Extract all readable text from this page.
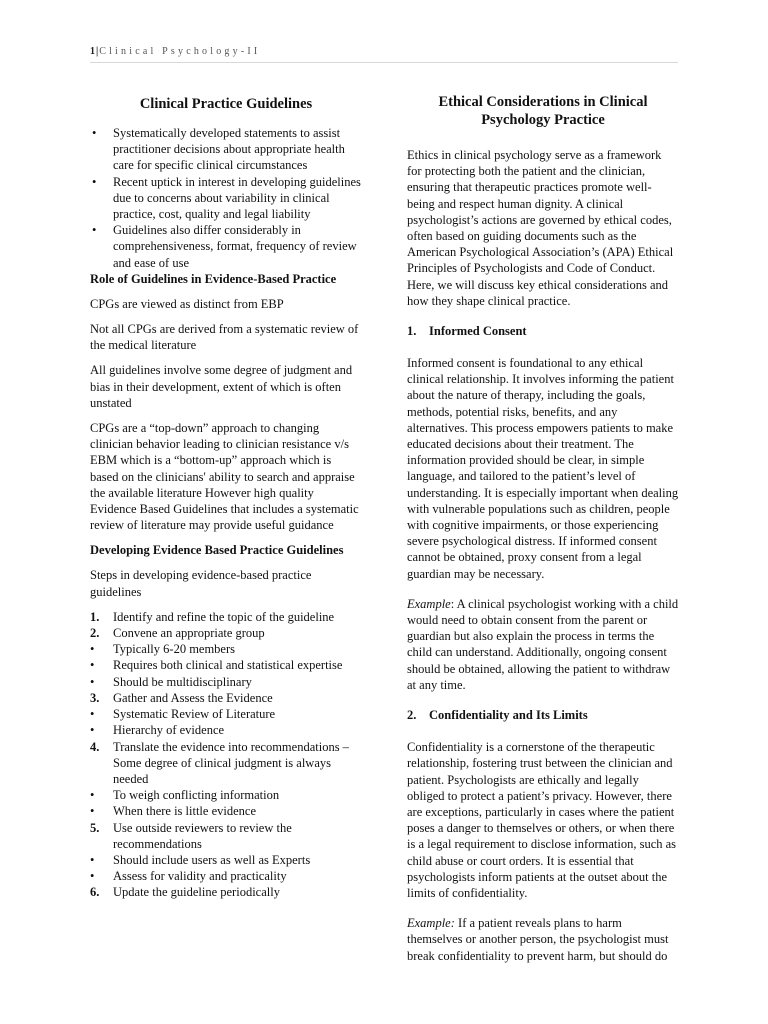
1|Clinical Psychology-II
Clinical Practice Guidelines
• Systematically developed statements to assist practitioner decisions about appropriate health care for specific clinical circumstances
• Recent uptick in interest in developing guidelines due to concerns about variability in clinical practice, cost, quality and legal liability
• Guidelines also differ considerably in comprehensiveness, format, frequency of review and ease of use
Role of Guidelines in Evidence-Based Practice

CPGs are viewed as distinct from EBP

Not all CPGs are derived from a systematic review of the medical literature

All guidelines involve some degree of judgment and bias in their development, extent of which is often unstated

CPGs are a “top-down” approach to changing clinician behavior leading to clinician resistance v/s EBM which is a “bottom-up” approach which is based on the clinicians' ability to search and appraise the available literature However high quality Evidence Based Guidelines that includes a systematic review of literature may provide useful guidance

Developing Evidence Based Practice Guidelines

Steps in developing evidence-based practice guidelines

1. Identify and refine the topic of the guideline
2. Convene an appropriate group
• Typically 6-20 members
• Requires both clinical and statistical expertise
• Should be multidisciplinary
3. Gather and Assess the Evidence
• Systematic Review of Literature
• Hierarchy of evidence
4. Translate the evidence into recommendations – Some degree of clinical judgment is always needed
• To weigh conflicting information
• When there is little evidence
5. Use outside reviewers to review the recommendations
• Should include users as well as Experts
• Assess for validity and practicality
6. Update the guideline periodically
Ethical Considerations in Clinical Psychology Practice

Ethics in clinical psychology serve as a framework for protecting both the patient and the clinician, ensuring that therapeutic practices promote well-being and respect human dignity. A clinical psychologist’s actions are governed by ethical codes, often based on guiding documents such as the American Psychological Association’s (APA) Ethical Principles of Psychologists and Code of Conduct. Here, we will discuss key ethical considerations and how they shape clinical practice.

1. Informed Consent

Informed consent is foundational to any ethical clinical relationship. It involves informing the patient about the nature of therapy, including the goals, methods, potential risks, benefits, and any alternatives. This process empowers patients to make educated decisions about their treatment. The information provided should be clear, in simple language, and tailored to the patient’s level of understanding. It is especially important when dealing with vulnerable populations such as children, people with cognitive impairments, or those experiencing severe psychological distress. If informed consent cannot be obtained, proxy consent from a legal guardian may be necessary.

Example: A clinical psychologist working with a child would need to obtain consent from the parent or guardian but also explain the process in terms the child can understand. Additionally, ongoing consent should be obtained, allowing the patient to withdraw at any time.

2. Confidentiality and Its Limits

Confidentiality is a cornerstone of the therapeutic relationship, fostering trust between the clinician and patient. Psychologists are ethically and legally obliged to protect a patient’s privacy. However, there are exceptions, particularly in cases where the patient poses a danger to themselves or others, or when there is a legal requirement to disclose information, such as child abuse or court orders. It is essential that psychologists inform patients at the outset about the limits of confidentiality.

Example: If a patient reveals plans to harm themselves or another person, the psychologist must break confidentiality to prevent harm, but should do
